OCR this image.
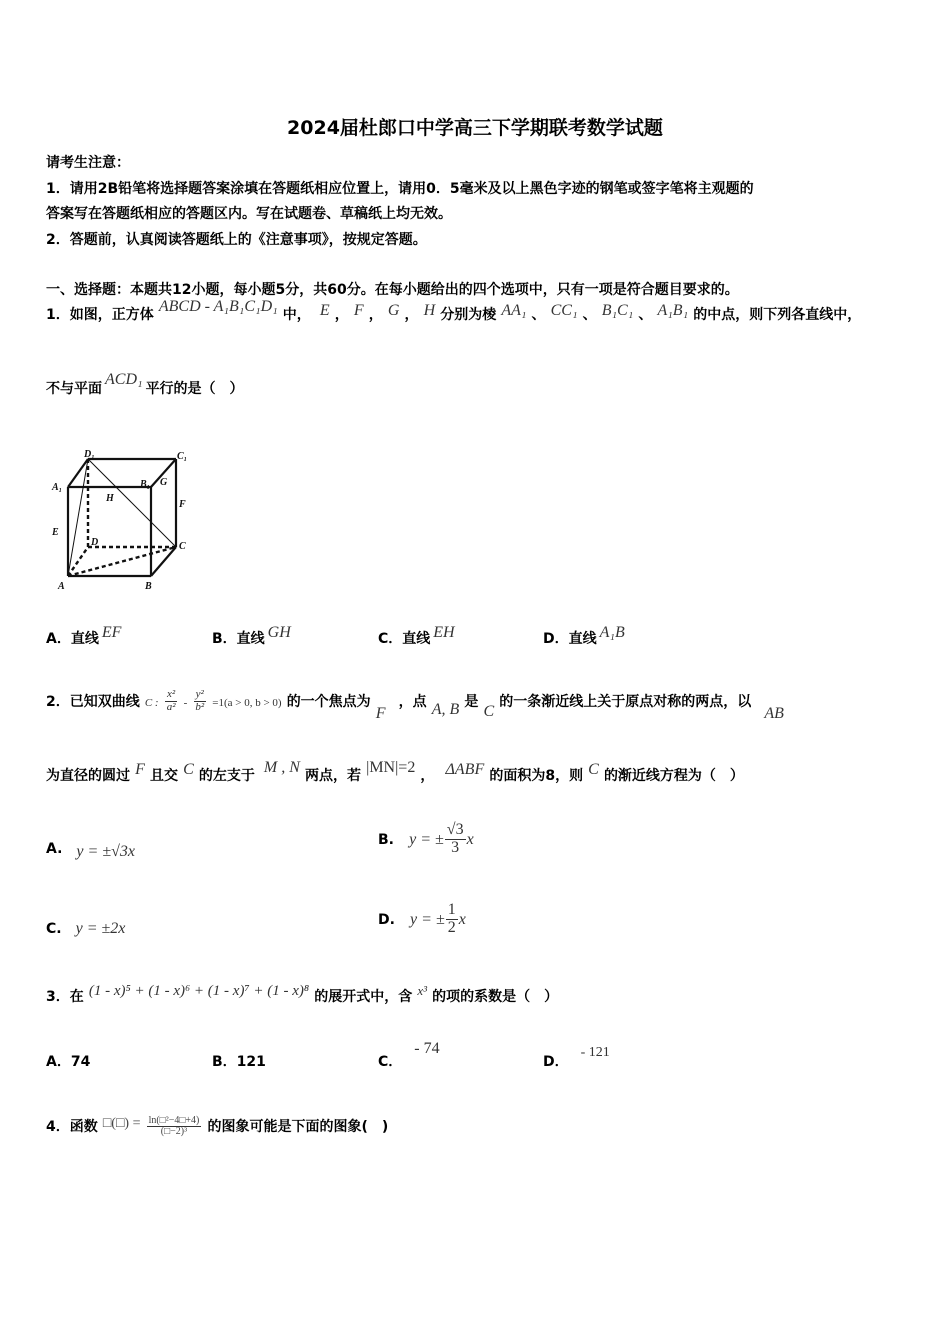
2024届杜郎口中学高三下学期联考数学试题
请考生注意：
1．请用2B铅笔将选择题答案涂填在答题纸相应位置上，请用0．5毫米及以上黑色字迹的钢笔或签字笔将主观题的
答案写在答题纸相应的答题区内。写在试题卷、草稿纸上均无效。
2．答题前，认真阅读答题纸上的《注意事项》，按规定答题。
一、选择题：本题共12小题，每小题5分，共60分。在每小题给出的四个选项中，只有一项是符合题目要求的。
1．如图，正方体 ABCD - A₁B₁C₁D₁ 中， E ， F ， G ， H 分别为棱 AA₁ 、 CC₁ 、 B₁C₁ 、 A₁B₁ 的中点，则下列各直线中，
不与平面ACD₁平行的是（　）
D₁	C₁
A₁	B₁ G
H
F
E
D	C
A	B
A．直线 EF	B．直线 GH	C．直线 EH	D．直线 A₁B
2．已知双曲线 C : $\frac{\text{x²}}{\text{a²}} - \frac{\text{y²}}{\text{b²}} =1(a > 0$, b > 0) 的一个焦点为 F ，点 A, B 是 C 的一条渐近线上关于原点对称的两点，以 AB
为直径的圆过 F 且交 C 的左支于 M , N 两点，若 |MN|=2 ， ΔABF 的面积为8，则 C 的渐近线方程为（　）
A. y = ±√3x
B. y = ± $\frac{√3}{3}$ x
C. y = ±2x	D. y = ± $\frac{1}{2}$ x
3．在 (1 - x)⁵ + (1 - x)⁶ + (1 - x)⁷ + (1 - x)⁸ 的展开式中，含 $^{x^3}$ 的项的系数是（　）
A．74	B．121	C．- 74
D．- 121
4．函数 □(□) = $\frac{\text{ln(□²−4□+4)}}{\text{(□−2)³}}$ 的图象可能是下面的图象(　)
